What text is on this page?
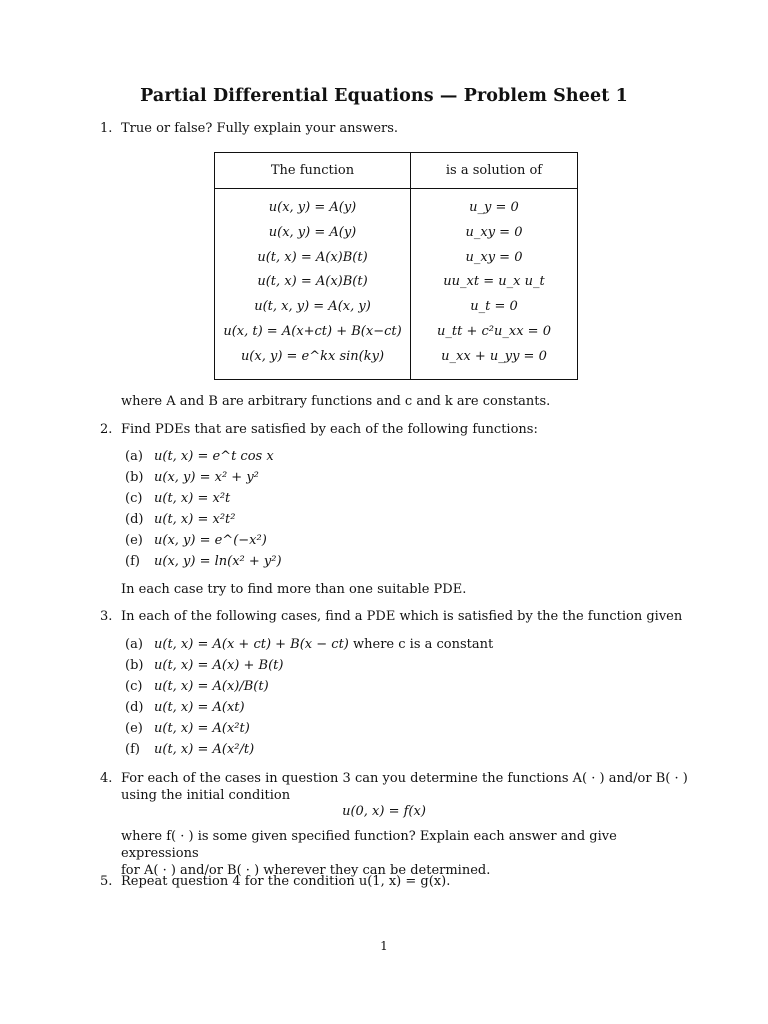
Partial Differential Equations — Problem Sheet 1
1. True or false? Fully explain your answers.
The function	is a solution of
u(x, y) = A(y)	u_y = 0
u(x, y) = A(y)	u_xy = 0
u(t, x) = A(x)B(t)	u_xy = 0
u(t, x) = A(x)B(t)	uu_xt = u_x u_t
u(t, x, y) = A(x, y)	u_t = 0
u(x, t) = A(x+ct) + B(x−ct)	u_tt + c²u_xx = 0
u(x, y) = e^kx sin(ky)	u_xx + u_yy = 0
where A and B are arbitrary functions and c and k are constants.
2. Find PDEs that are satisfied by each of the following functions:
(a) u(t, x) = e^t cos x
(b) u(x, y) = x² + y²
(c) u(t, x) = x²t
(d) u(t, x) = x²t²
(e) u(x, y) = e^(−x²)
(f) u(x, y) = ln(x² + y²)
In each case try to find more than one suitable PDE.
3. In each of the following cases, find a PDE which is satisfied by the the function given
(a) u(t, x) = A(x + ct) + B(x − ct) where c is a constant
(b) u(t, x) = A(x) + B(t)
(c) u(t, x) = A(x)/B(t)
(d) u(t, x) = A(xt)
(e) u(t, x) = A(x²t)
(f) u(t, x) = A(x²/t)
4. For each of the cases in question 3 can you determine the functions A( · ) and/or B( · )
using the initial condition
u(0, x) = f(x)
where f( · ) is some given specified function? Explain each answer and give expressions
for A( · ) and/or B( · ) wherever they can be determined.
5. Repeat question 4 for the condition u(1, x) = g(x).
1
